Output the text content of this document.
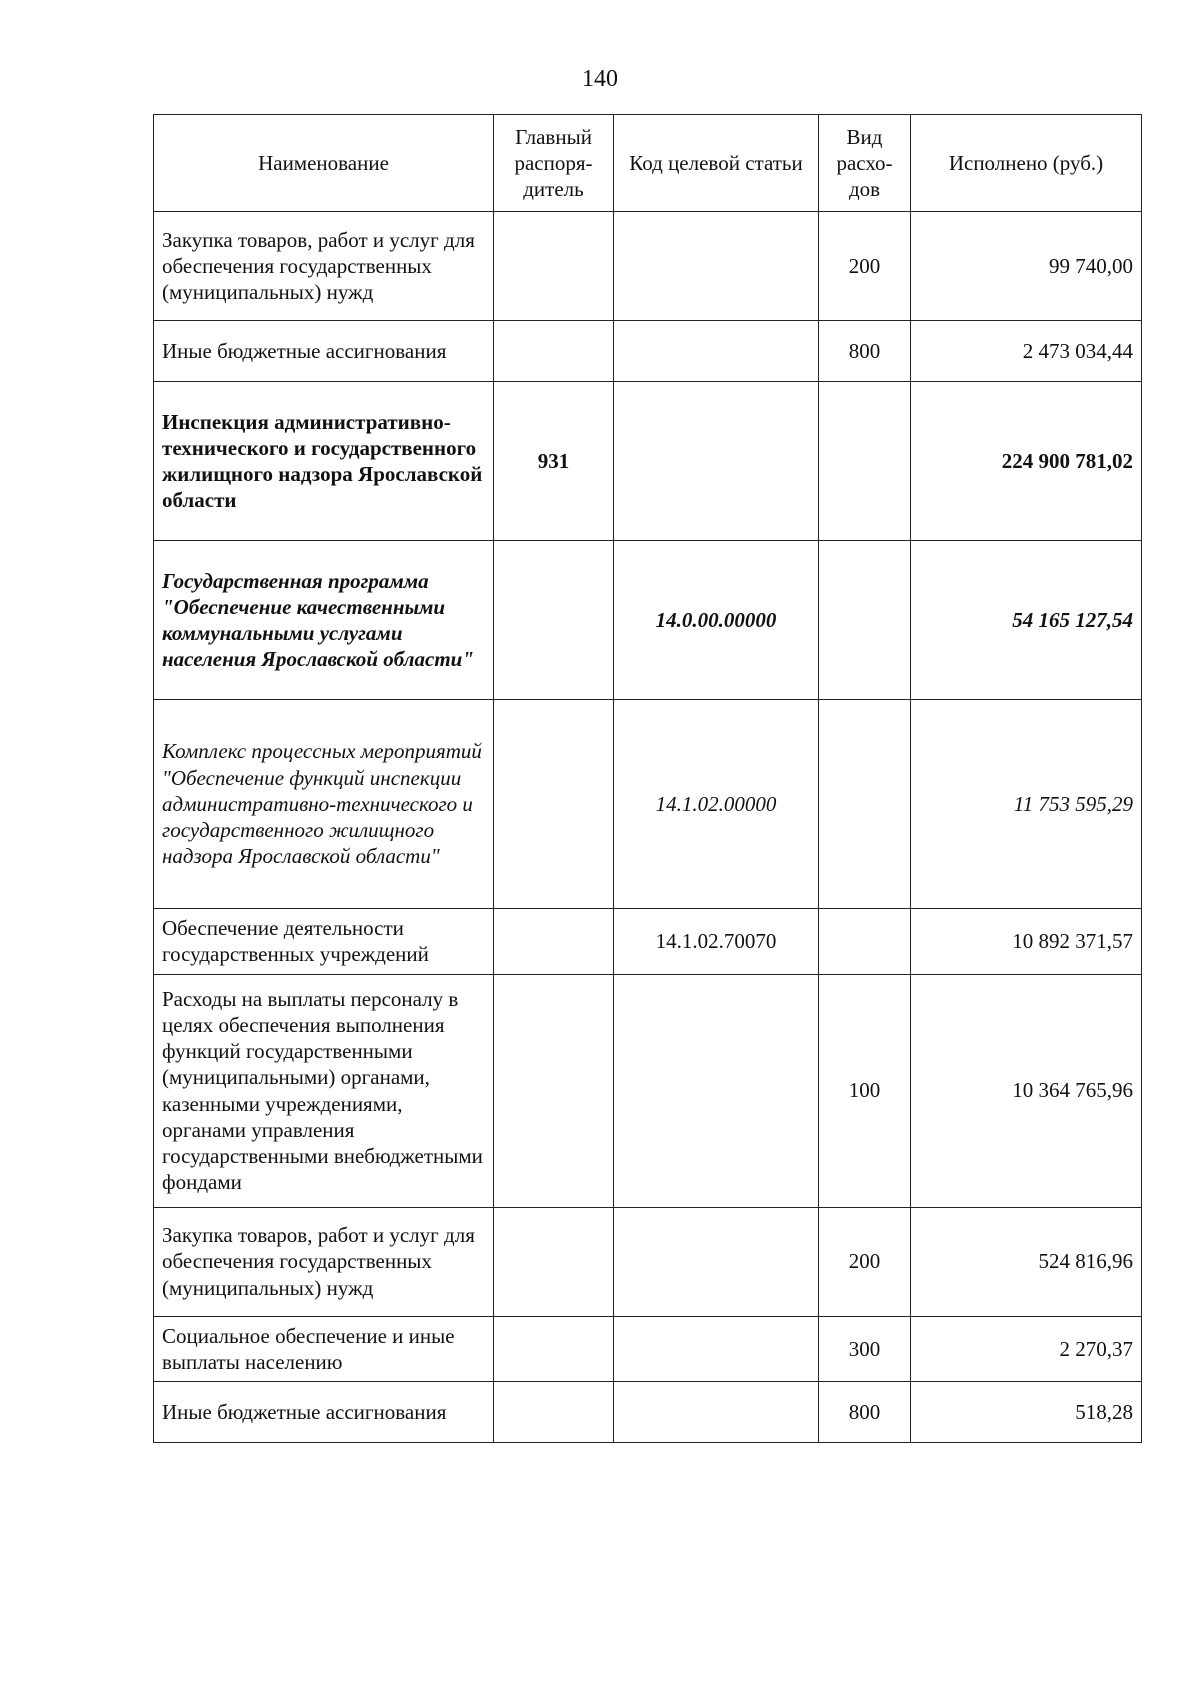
140
Наименование	Главный распоря-дитель	Код целевой статьи	Вид расхо-дов	Исполнено (руб.)
Закупка товаров, работ и услуг для обеспечения государственных (муниципальных) нужд			200	99 740,00
Иные бюджетные ассигнования			800	2 473 034,44
Инспекция административно-технического и государственного жилищного надзора Ярославской области	931			224 900 781,02
Государственная программа "Обеспечение качественными коммунальными услугами населения Ярославской области"		14.0.00.00000		54 165 127,54
Комплекс процессных мероприятий "Обеспечение функций инспекции административно-технического и государственного жилищного надзора Ярославской области"		14.1.02.00000		11 753 595,29
Обеспечение деятельности государственных учреждений		14.1.02.70070		10 892 371,57
Расходы на выплаты персоналу в целях обеспечения выполнения функций государственными (муниципальными) органами, казенными учреждениями, органами управления государственными внебюджетными фондами			100	10 364 765,96
Закупка товаров, работ и услуг для обеспечения государственных (муниципальных) нужд			200	524 816,96
Социальное обеспечение и иные выплаты населению			300	2 270,37
Иные бюджетные ассигнования			800	518,28
